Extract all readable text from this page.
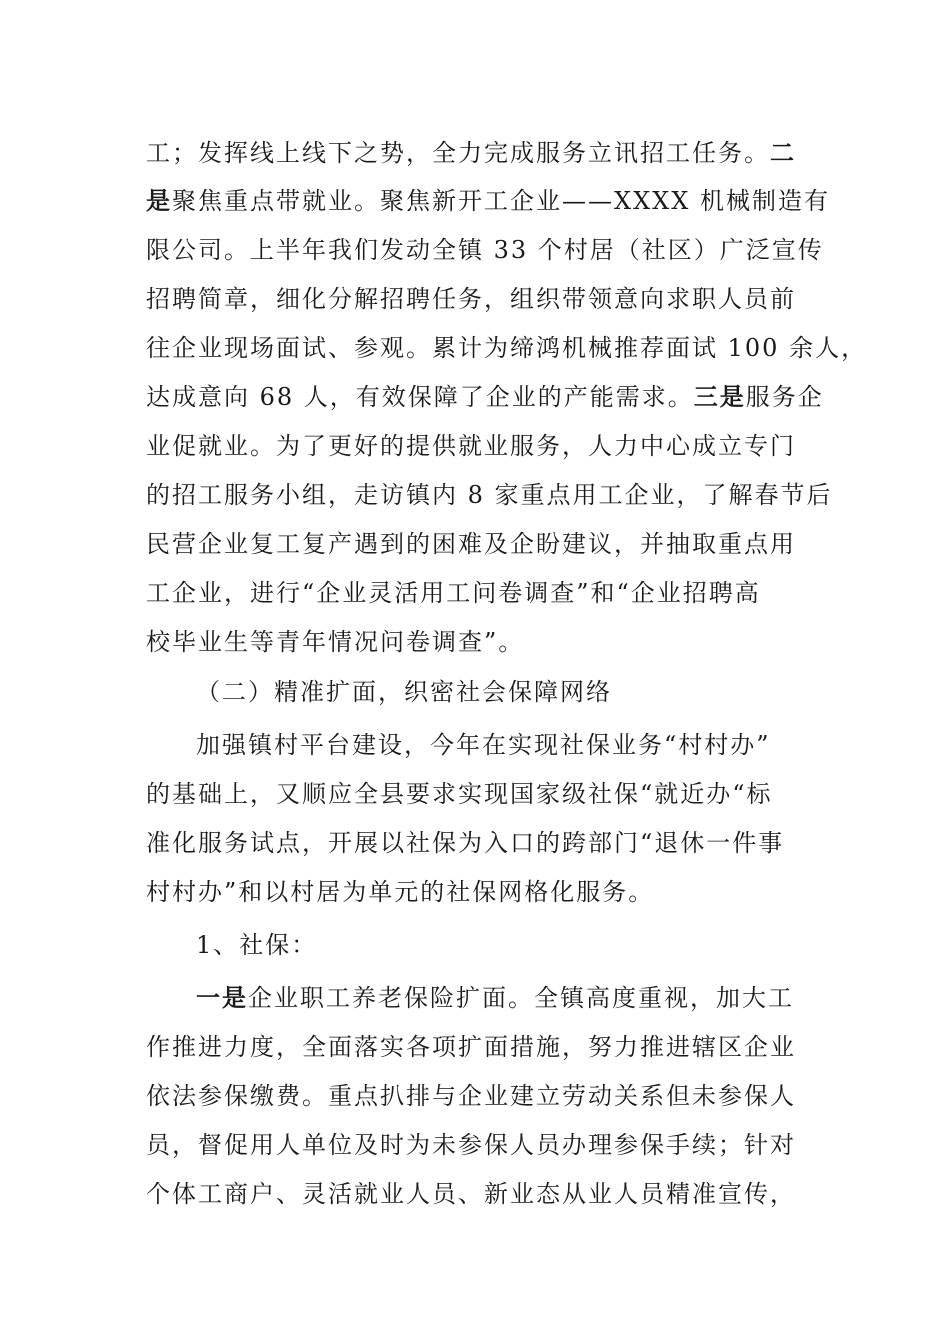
工；发挥线上线下之势，全力完成服务立讯招工任务。二
是聚焦重点带就业。聚焦新开工企业——XXXX 机械制造有
限公司。上半年我们发动全镇 33 个村居（社区）广泛宣传
招聘简章，细化分解招聘任务，组织带领意向求职人员前
往企业现场面试、参观。累计为缔鸿机械推荐面试 100 余人，
达成意向 68 人，有效保障了企业的产能需求。三是服务企
业促就业。为了更好的提供就业服务，人力中心成立专门
的招工服务小组，走访镇内 8 家重点用工企业，了解春节后
民营企业复工复产遇到的困难及企盼建议，并抽取重点用
工企业，进行“企业灵活用工问卷调查”和“企业招聘高
校毕业生等青年情况问卷调查”。
（二）精准扩面，织密社会保障网络
加强镇村平台建设，今年在实现社保业务“村村办”
的基础上，又顺应全县要求实现国家级社保“就近办“标
准化服务试点，开展以社保为入口的跨部门“退休一件事
村村办”和以村居为单元的社保网格化服务。
1、社保：
一是企业职工养老保险扩面。全镇高度重视，加大工
作推进力度，全面落实各项扩面措施，努力推进辖区企业
依法参保缴费。重点扒排与企业建立劳动关系但未参保人
员，督促用人单位及时为未参保人员办理参保手续；针对
个体工商户、灵活就业人员、新业态从业人员精准宣传，
